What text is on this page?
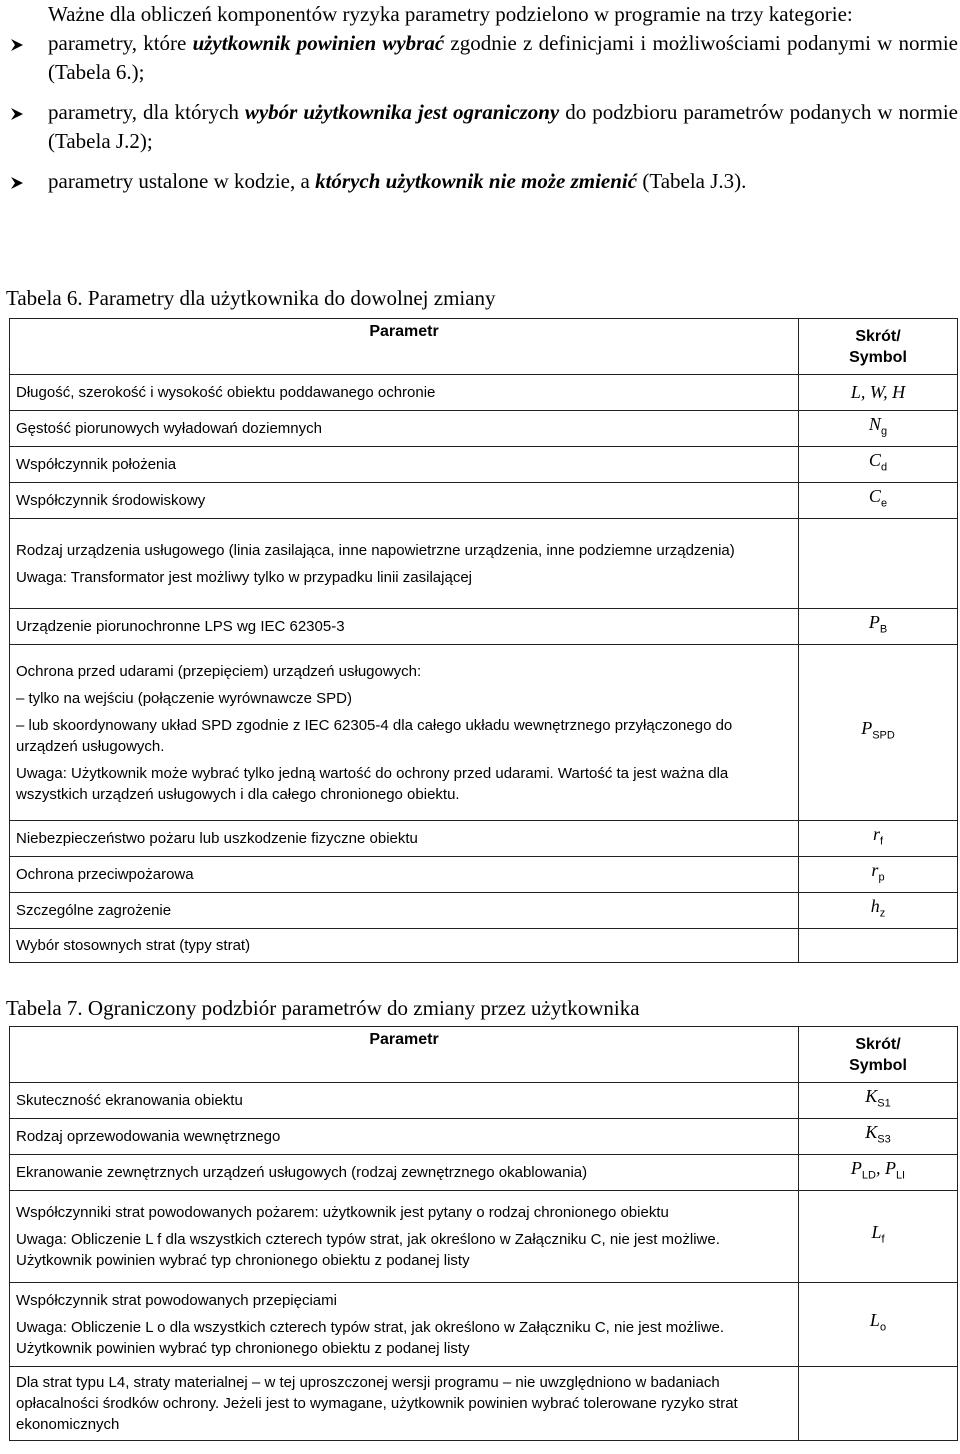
Ważne dla obliczeń komponentów ryzyka parametry podzielono w programie na trzy kategorie:

parametry, które użytkownik powinien wybrać zgodnie z definicjami i możliwościami podanymi w normie (Tabela 6.);
parametry, dla których wybór użytkownika jest ograniczony do podzbioru parametrów podanych w normie (Tabela J.2);
parametry ustalone w kodzie, a których użytkownik nie może zmienić (Tabela J.3).
Tabela 6. Parametry dla użytkownika do dowolnej zmiany
Parametr	Skrót/
Symbol

Długość, szerokość i wysokość obiektu poddawanego ochronie	L, W, H

Gęstość piorunowych wyładowań doziemnych	$N_g$

Współczynnik położenia	$C_d$

Współczynnik środowiskowy	$C_e$

Rodzaj urządzenia usługowego (linia zasilająca, inne napowietrzne urządzenia, inne podziemne urządzenia)
Uwaga: Transformator jest możliwy tylko w przypadku linii zasilającej	

Urządzenie piorunochronne LPS wg IEC 62305-3	$P_B$

Ochrona przed udarami (przepięciem) urządzeń usługowych:
– tylko na wejściu (połączenie wyrównawcze SPD)
– lub skoordynowany układ SPD zgodnie z IEC 62305-4 dla całego układu wewnętrznego przyłączonego do urządzeń usługowych.
Uwaga: Użytkownik może wybrać tylko jedną wartość do ochrony przed udarami. Wartość ta jest ważna dla wszystkich urządzeń usługowych i dla całego chronionego obiektu.	$P_{SPD}$

Niebezpieczeństwo pożaru lub uszkodzenie fizyczne obiektu	$r_f$

Ochrona przeciwpożarowa	$r_p$

Szczególne zagrożenie	$h_z$

Wybór stosownych strat (typy strat)	

Tabela 7. Ograniczony podzbiór parametrów do zmiany przez użytkownika
Parametr	Skrót/
Symbol

Skuteczność ekranowania obiektu	$K_{S1}$

Rodzaj oprzewodowania wewnętrznego	$K_{S3}$

Ekranowanie zewnętrznych urządzeń usługowych (rodzaj zewnętrznego okablowania)	$P_{LD}$, $P_{LI}$

Współczynniki strat powodowanych pożarem: użytkownik jest pytany o rodzaj chronionego obiektu
Uwaga: Obliczenie L f dla wszystkich czterech typów strat, jak określono w Załączniku C, nie jest możliwe. Użytkownik powinien wybrać typ chronionego obiektu z podanej listy	$L_f$

Współczynnik strat powodowanych przepięciami
Uwaga: Obliczenie L o dla wszystkich czterech typów strat, jak określono w Załączniku C, nie jest możliwe. Użytkownik powinien wybrać typ chronionego obiektu z podanej listy	$L_o$

Dla strat typu L4, straty materialnej – w tej uproszczonej wersji programu – nie uwzględniono w badaniach opłacalności środków ochrony. Jeżeli jest to wymagane, użytkownik powinien wybrać tolerowane ryzyko strat ekonomicznych	
